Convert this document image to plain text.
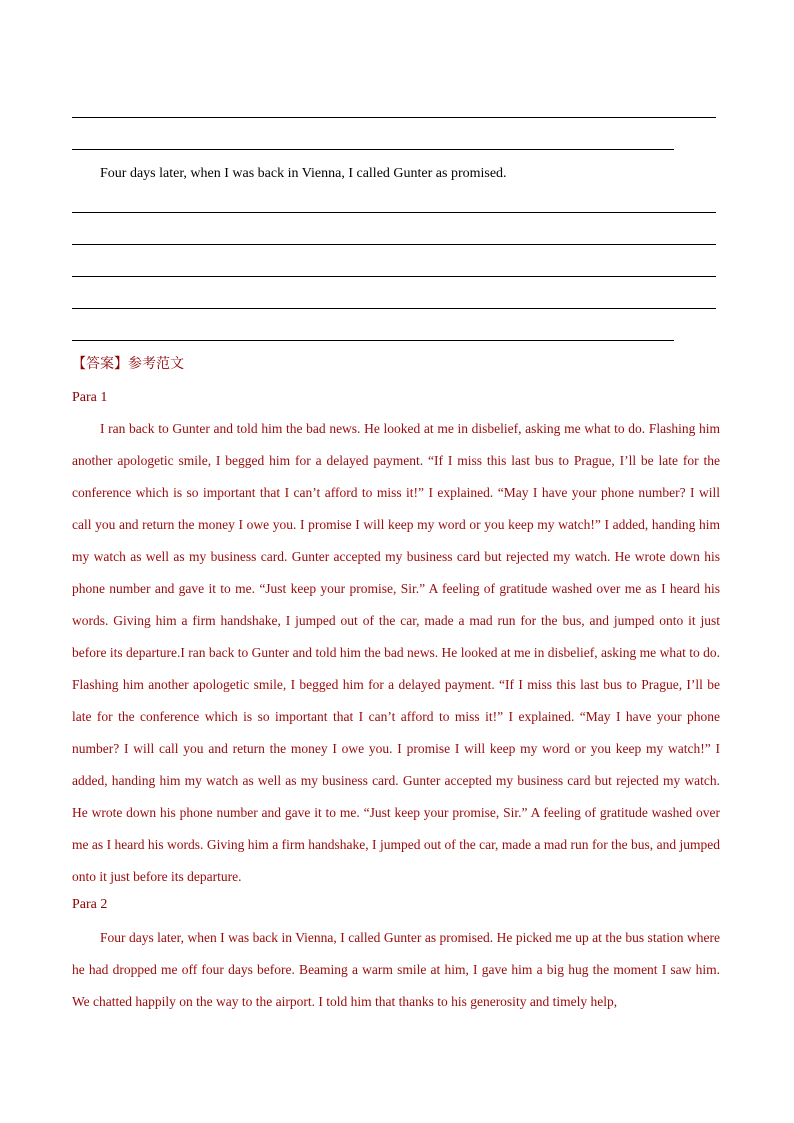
Four days later, when I was back in Vienna, I called Gunter as promised.
【答案】参考范文
Para 1

I ran back to Gunter and told him the bad news. He looked at me in disbelief, asking me what to do. Flashing him another apologetic smile, I begged him for a delayed payment. “If I miss this last bus to Prague, I’ll be late for the conference which is so important that I can’t afford to miss it!” I explained. “May I have your phone number? I will call you and return the money I owe you. I promise I will keep my word or you keep my watch!” I added, handing him my watch as well as my business card. Gunter accepted my business card but rejected my watch. He wrote down his phone number and gave it to me. “Just keep your promise, Sir.” A feeling of gratitude washed over me as I heard his words. Giving him a firm handshake, I jumped out of the car, made a mad run for the bus, and jumped onto it just before its departure.I ran back to Gunter and told him the bad news. He looked at me in disbelief, asking me what to do. Flashing him another apologetic smile, I begged him for a delayed payment. “If I miss this last bus to Prague, I’ll be late for the conference which is so important that I can’t afford to miss it!” I explained. “May I have your phone number? I will call you and return the money I owe you. I promise I will keep my word or you keep my watch!” I added, handing him my watch as well as my business card. Gunter accepted my business card but rejected my watch. He wrote down his phone number and gave it to me. “Just keep your promise, Sir.” A feeling of gratitude washed over me as I heard his words. Giving him a firm handshake, I jumped out of the car, made a mad run for the bus, and jumped onto it just before its departure.

Para 2

Four days later, when I was back in Vienna, I called Gunter as promised. He picked me up at the bus station where he had dropped me off four days before. Beaming a warm smile at him, I gave him a big hug the moment I saw him. We chatted happily on the way to the airport. I told him that thanks to his generosity and timely help,
